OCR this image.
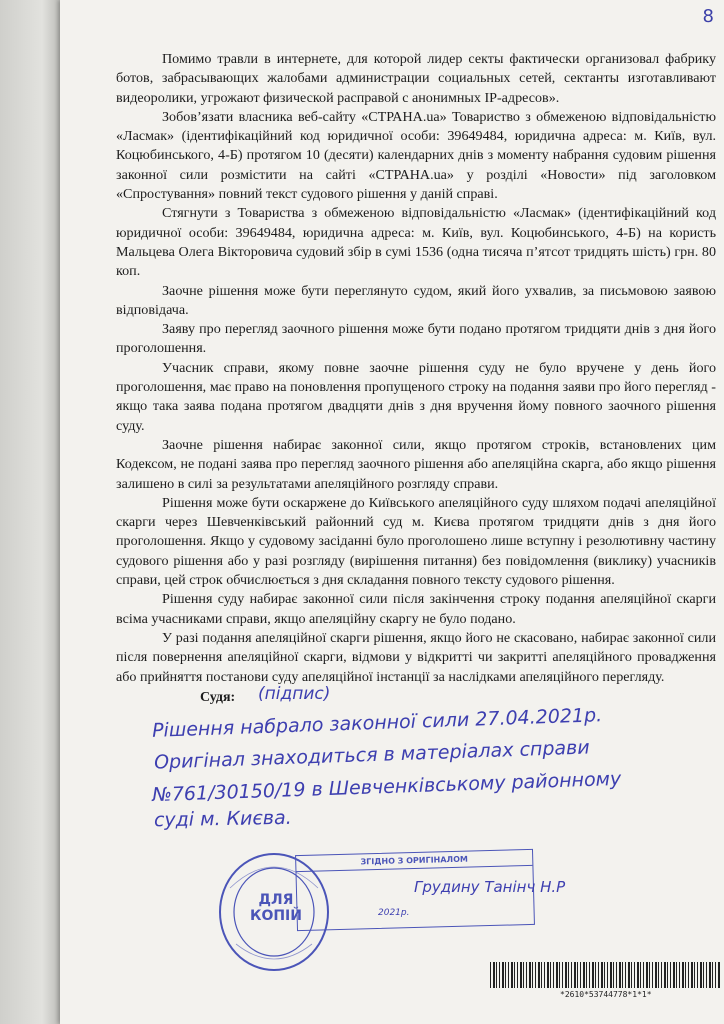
8

Помимо травли в интернете, для которой лидер секты фактически организовал фабрику ботов, забрасывающих жалобами администрации социальных сетей, сектанты изготавливают видеоролики, угрожают физической расправой с анонимных IP-адресов».

Зобов’язати власника веб-сайту «СТРАНА.ua» Товариство з обмеженою відповідальністю «Ласмак» (ідентифікаційний код юридичної особи: 39649484, юридична адреса: м. Київ, вул. Коцюбинського, 4-Б) протягом 10 (десяти) календарних днів з моменту набрання судовим рішення законної сили розмістити на сайті «СТРАНА.ua» у розділі «Новости» під заголовком «Спростування» повний текст судового рішення у даній справі.

Стягнути з Товариства з обмеженою відповідальністю «Ласмак» (ідентифікаційний код юридичної особи: 39649484, юридична адреса: м. Київ, вул. Коцюбинського, 4-Б) на користь Мальцева Олега Вікторовича судовий збір в сумі 1536 (одна тисяча п’ятсот тридцять шість) грн. 80 коп.

Заочне рішення може бути переглянуто судом, який його ухвалив, за письмовою заявою відповідача.

Заяву про перегляд заочного рішення може бути подано протягом тридцяти днів з дня його проголошення.

Учасник справи, якому повне заочне рішення суду не було вручене у день його проголошення, має право на поновлення пропущеного строку на подання заяви про його перегляд - якщо така заява подана протягом двадцяти днів з дня вручення йому повного заочного рішення суду.

Заочне рішення набирає законної сили, якщо протягом строків, встановлених цим Кодексом, не подані заява про перегляд заочного рішення або апеляційна скарга, або якщо рішення залишено в силі за результатами апеляційного розгляду справи.

Рішення може бути оскаржене до Київського апеляційного суду шляхом подачі апеляційної скарги через Шевченківський районний суд м. Києва протягом тридцяти днів з дня його проголошення. Якщо у судовому засіданні було проголошено лише вступну і резолютивну частину судового рішення або у разі розгляду (вирішення питання) без повідомлення (виклику) учасників справи, цей строк обчислюється з дня складання повного тексту судового рішення.

Рішення суду набирає законної сили після закінчення строку подання апеляційної скарги всіма учасниками справи, якщо апеляційну скаргу не було подано.

У разі подання апеляційної скарги рішення, якщо його не скасовано, набирає законної сили після повернення апеляційної скарги, відмови у відкритті чи закритті апеляційного провадження або прийняття постанови суду апеляційної інстанції за наслідками апеляційного перегляду.

Судя: (підпис)
Рішення набрало законної сили 27.04.2021р.
Оригінал знаходиться в матеріалах справи
№761/30150/19 в Шевченківському районному
суді м. Києва.
ДЛЯ КОПІЙ
ЗГІДНО З ОРИГІНАЛОМ

Грудину Танінч Н.Р
2021р.
*2610*53744778*1*1*
